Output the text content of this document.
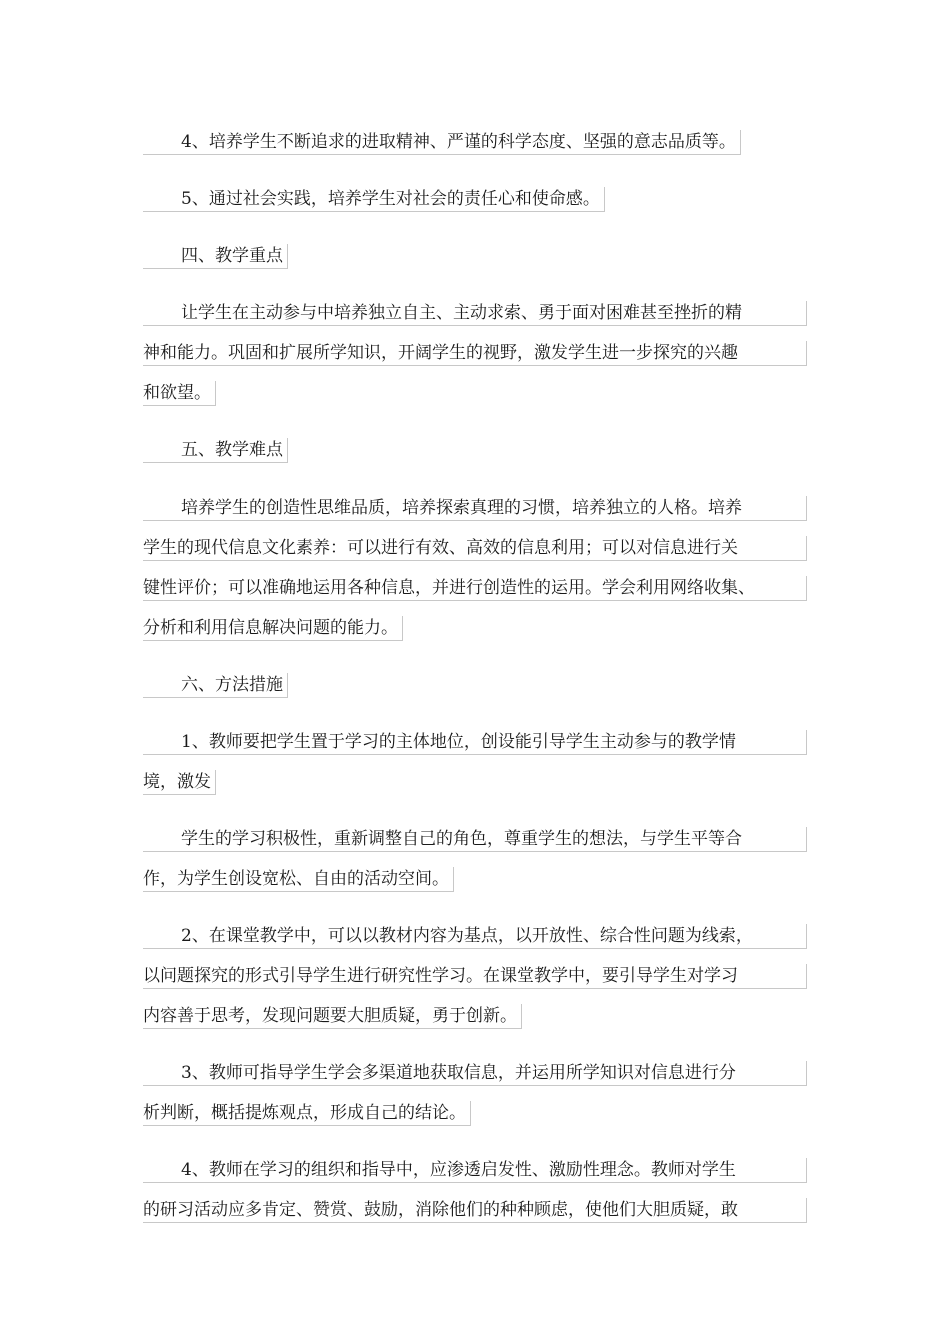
4、培养学生不断追求的进取精神、严谨的科学态度、坚强的意志品质等。
5、通过社会实践，培养学生对社会的责任心和使命感。
四、教学重点
让学生在主动参与中培养独立自主、主动求索、勇于面对困难甚至挫折的精
神和能力。巩固和扩展所学知识，开阔学生的视野，激发学生进一步探究的兴趣
和欲望。
五、教学难点
培养学生的创造性思维品质，培养探索真理的习惯，培养独立的人格。培养
学生的现代信息文化素养：可以进行有效、高效的信息利用；可以对信息进行关
键性评价；可以准确地运用各种信息，并进行创造性的运用。学会利用网络收集、
分析和利用信息解决问题的能力。
六、方法措施
1、教师要把学生置于学习的主体地位，创设能引导学生主动参与的教学情
境，激发
学生的学习积极性，重新调整自己的角色，尊重学生的想法，与学生平等合
作，为学生创设宽松、自由的活动空间。
2、在课堂教学中，可以以教材内容为基点，以开放性、综合性问题为线索，
以问题探究的形式引导学生进行研究性学习。在课堂教学中，要引导学生对学习
内容善于思考，发现问题要大胆质疑，勇于创新。
3、教师可指导学生学会多渠道地获取信息，并运用所学知识对信息进行分
析判断，概括提炼观点，形成自己的结论。
4、教师在学习的组织和指导中，应渗透启发性、激励性理念。教师对学生
的研习活动应多肯定、赞赏、鼓励，消除他们的种种顾虑，使他们大胆质疑，敢
